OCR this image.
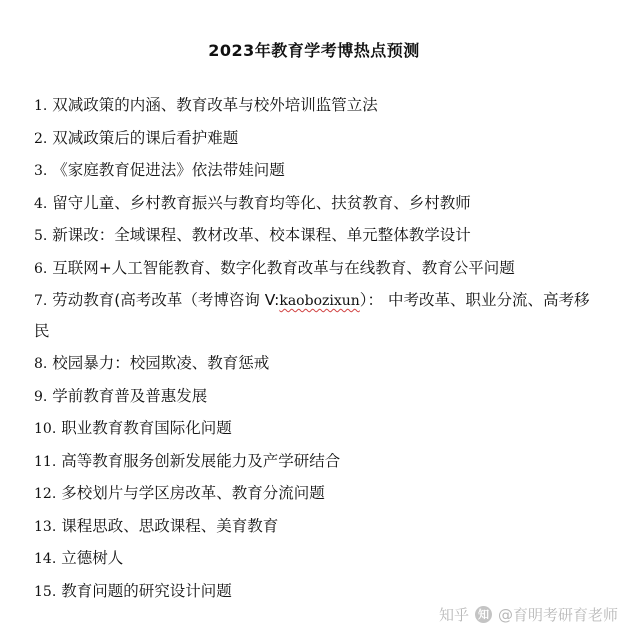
2023年教育学考博热点预测
1. 双减政策的内涵、教育改革与校外培训监管立法
2. 双减政策后的课后看护难题
3. 《家庭教育促进法》依法带娃问题
4. 留守儿童、乡村教育振兴与教育均等化、扶贫教育、乡村教师
5. 新课改：全域课程、教材改革、校本课程、单元整体教学设计
6. 互联网+人工智能教育、数字化教育改革与在线教育、教育公平问题
7. 劳动教育(高考改革（考博咨询 V:kaobozixun）： 中考改革、职业分流、高考移民
8. 校园暴力：校园欺凌、教育惩戒
9. 学前教育普及普惠发展
10. 职业教育教育国际化问题
11. 高等教育服务创新发展能力及产学研结合
12. 多校划片与学区房改革、教育分流问题
13. 课程思政、思政课程、美育教育
14. 立德树人
15. 教育问题的研究设计问题
知乎 知 @育明考研育老师
